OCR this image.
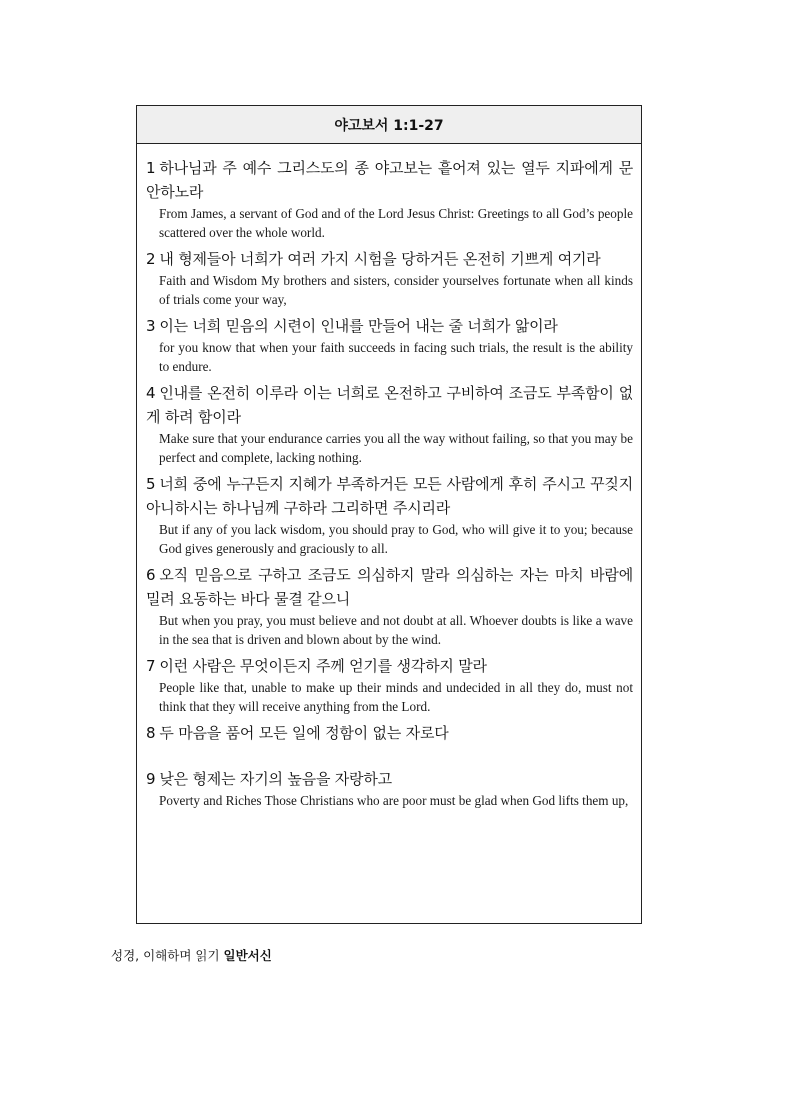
야고보서 1:1-27
1 하나님과 주 예수 그리스도의 종 야고보는 흩어져 있는 열두 지파에게 문안하노라
From James, a servant of God and of the Lord Jesus Christ: Greetings to all God’s people scattered over the whole world.
2 내 형제들아 너희가 여러 가지 시험을 당하거든 온전히 기쁘게 여기라
Faith and Wisdom My brothers and sisters, consider yourselves fortunate when all kinds of trials come your way,
3 이는 너희 믿음의 시련이 인내를 만들어 내는 줄 너희가 앎이라
for you know that when your faith succeeds in facing such trials, the result is the ability to endure.
4 인내를 온전히 이루라 이는 너희로 온전하고 구비하여 조금도 부족함이 없게 하려 함이라
Make sure that your endurance carries you all the way without failing, so that you may be perfect and complete, lacking nothing.
5 너희 중에 누구든지 지혜가 부족하거든 모든 사람에게 후히 주시고 꾸짖지 아니하시는 하나님께 구하라 그리하면 주시리라
But if any of you lack wisdom, you should pray to God, who will give it to you; because God gives generously and graciously to all.
6 오직 믿음으로 구하고 조금도 의심하지 말라 의심하는 자는 마치 바람에 밀려 요동하는 바다 물결 같으니
But when you pray, you must believe and not doubt at all. Whoever doubts is like a wave in the sea that is driven and blown about by the wind.
7 이런 사람은 무엇이든지 주께 얻기를 생각하지 말라
People like that, unable to make up their minds and undecided in all they do, must not think that they will receive anything from the Lord.
8 두 마음을 품어 모든 일에 정함이 없는 자로다
9 낮은 형제는 자기의 높음을 자랑하고
Poverty and Riches Those Christians who are poor must be glad when God lifts them up,
성경, 이해하며 읽기 일반서신
